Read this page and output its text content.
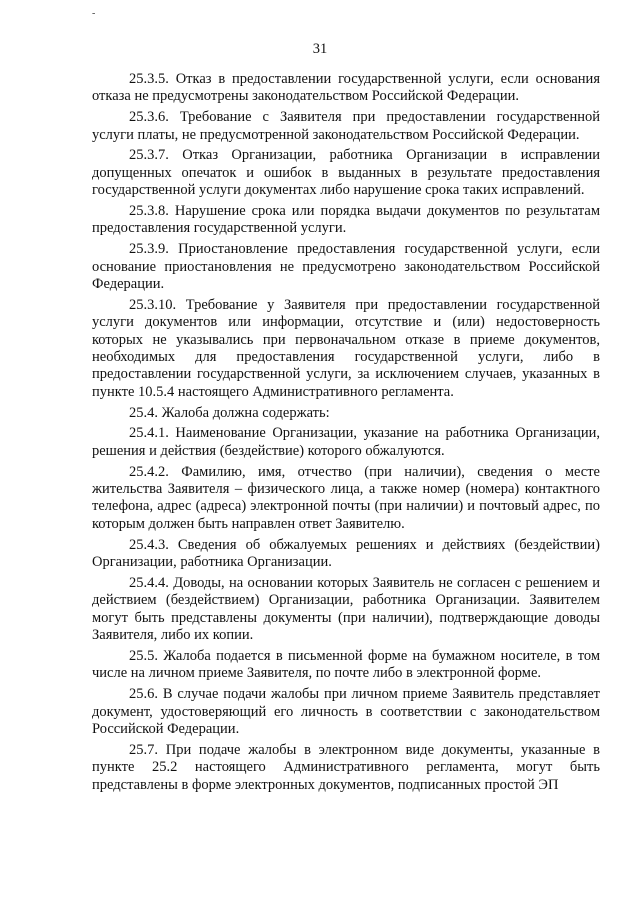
-
31

25.3.5. Отказ в предоставлении государственной услуги, если основания отказа не предусмотрены законодательством Российской Федерации.

25.3.6. Требование с Заявителя при предоставлении государственной услуги платы, не предусмотренной законодательством Российской Федерации.

25.3.7. Отказ Организации, работника Организации в исправлении допущенных опечаток и ошибок в выданных в результате предоставления государственной услуги документах либо нарушение срока таких исправлений.

25.3.8. Нарушение срока или порядка выдачи документов по результатам предоставления государственной услуги.

25.3.9. Приостановление предоставления государственной услуги, если основание приостановления не предусмотрено законодательством Российской Федерации.

25.3.10. Требование у Заявителя при предоставлении государственной услуги документов или информации, отсутствие и (или) недостоверность которых не указывались при первоначальном отказе в приеме документов, необходимых для предоставления государственной услуги, либо в предоставлении государственной услуги, за исключением случаев, указанных в пункте 10.5.4 настоящего Административного регламента.

25.4. Жалоба должна содержать:

25.4.1. Наименование Организации, указание на работника Организации, решения и действия (бездействие) которого обжалуются.

25.4.2. Фамилию, имя, отчество (при наличии), сведения о месте жительства Заявителя – физического лица, а также номер (номера) контактного телефона, адрес (адреса) электронной почты (при наличии) и почтовый адрес, по которым должен быть направлен ответ Заявителю.

25.4.3. Сведения об обжалуемых решениях и действиях (бездействии) Организации, работника Организации.

25.4.4. Доводы, на основании которых Заявитель не согласен с решением и действием (бездействием) Организации, работника Организации. Заявителем могут быть представлены документы (при наличии), подтверждающие доводы Заявителя, либо их копии.

25.5. Жалоба подается в письменной форме на бумажном носителе, в том числе на личном приеме Заявителя, по почте либо в электронной форме.

25.6. В случае подачи жалобы при личном приеме Заявитель представляет документ, удостоверяющий его личность в соответствии с законодательством Российской Федерации.

25.7. При подаче жалобы в электронном виде документы, указанные в пункте 25.2 настоящего Административного регламента, могут быть представлены в форме электронных документов, подписанных простой ЭП
